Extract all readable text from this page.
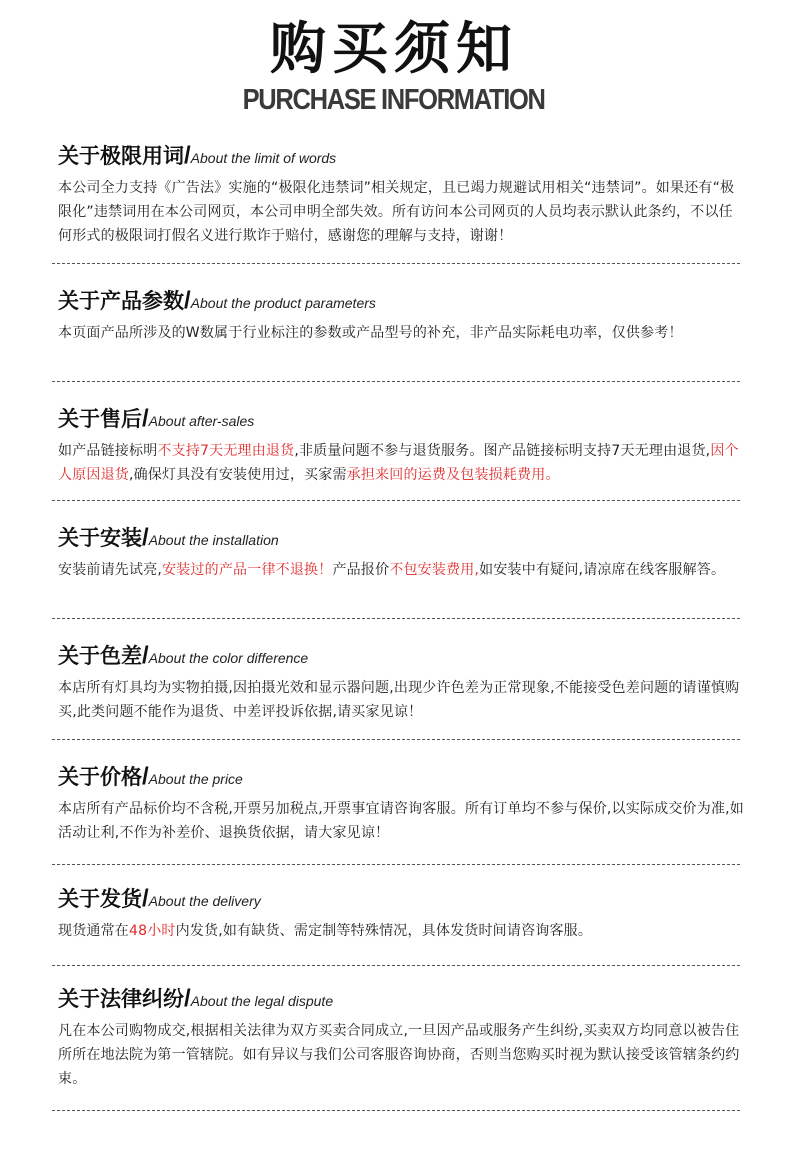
购买须知
PURCHASE INFORMATION
关于极限用词/About the limit of words
本公司全力支持《广告法》实施的“极限化违禁词”相关规定，且已竭力规避试用相关“违禁词”。如果还有“极限化”违禁词用在本公司网页，本公司申明全部失效。所有访问本公司网页的人员均表示默认此条约，不以任何形式的极限词打假名义进行欺诈于赔付，感谢您的理解与支持，谢谢！
关于产品参数/About the product parameters
本页面产品所涉及的W数属于行业标注的参数或产品型号的补充，非产品实际耗电功率，仅供参考！
关于售后/About after-sales
如产品链接标明不支持7天无理由退货,非质量问题不参与退货服务。图产品链接标明支持7天无理由退货,因个人原因退货,确保灯具没有安装使用过，买家需承担来回的运费及包装损耗费用。
关于安装/About the installation
安装前请先试亮,安装过的产品一律不退换！产品报价不包安装费用,如安装中有疑问,请凉席在线客服解答。
关于色差/About the color difference
本店所有灯具均为实物拍摄,因拍摄光效和显示器问题,出现少许色差为正常现象,不能接受色差问题的请谨慎购买,此类问题不能作为退货、中差评投诉依据,请买家见谅！
关于价格/About the price
本店所有产品标价均不含税,开票另加税点,开票事宜请咨询客服。所有订单均不参与保价,以实际成交价为准,如活动让利,不作为补差价、退换货依据，请大家见谅！
关于发货/About the delivery
现货通常在48小时内发货,如有缺货、需定制等特殊情况，具体发货时间请咨询客服。
关于法律纠纷/About the legal dispute
凡在本公司购物成交,根据相关法律为双方买卖合同成立,一旦因产品或服务产生纠纷,买卖双方均同意以被告住所所在地法院为第一管辖院。如有异议与我们公司客服咨询协商，否则当您购买时视为默认接受该管辖条约约束。
